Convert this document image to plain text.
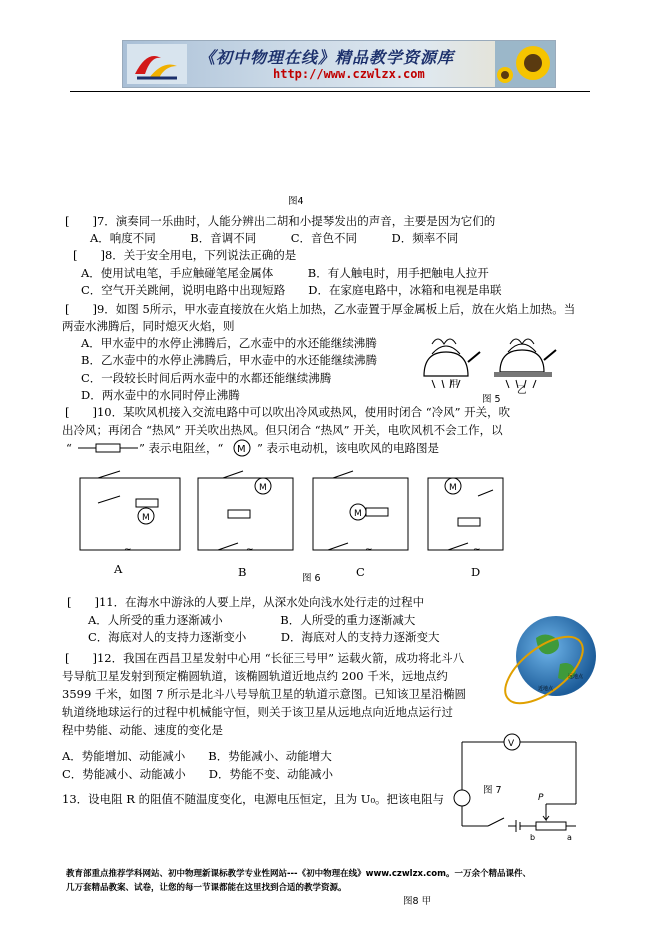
《初中物理在线》精品教学资源库
http://www.czwlzx.com
图4
[　　]7．演奏同一乐曲时，人能分辨出二胡和小提琴发出的声音，主要是因为它们的
A．响度不同　　　B．音调不同　　　C．音色不同　　　D．频率不同
[　　]8．关于安全用电，下列说法正确的是
A．使用试电笔，手应触碰笔尾金属体　　　B．有人触电时，用手把触电人拉开
C．空气开关跳闸，说明电路中出现短路　　D．在家庭电路中，冰箱和电视是串联
[　　]9．如图 5所示，甲水壶直接放在火焰上加热，乙水壶置于厚金属板上后，放在火焰上加热。当
两壶水沸腾后，同时熄灭火焰，则
A．甲水壶中的水停止沸腾后，乙水壶中的水还能继续沸腾
B．乙水壶中的水停止沸腾后，甲水壶中的水还能继续沸腾
C．一段较长时间后两水壶中的水都还能继续沸腾
D．两水壶中的水同时停止沸腾
甲
乙
图 5
[　　]10．某吹风机接入交流电路中可以吹出冷风或热风，使用时闭合 “冷风” 开关，吹
出冷风；再闭合 “热风” 开关吹出热风。但只闭合 “热风” 开关，电吹风机不会工作，以
“	” 表示电阻丝，“ M ” 表示电动机，该电吹风的电路图是
M
M
M
M
~	~	~	~
A	B	图 6	C	D
[　　]11．在海水中游泳的人要上岸，从深水处向浅水处行走的过程中
A．人所受的重力逐渐减小　　　　　B．人所受的重力逐渐减大
C．海底对人的支持力逐渐变小　　　D．海底对人的支持力逐渐变大
近地点
远地点
[　　]12．我国在西昌卫星发射中心用 “长征三号甲” 运载火箭，成功将北斗八
号导航卫星发射到预定椭圆轨道，该椭圆轨道近地点约 200 千米，远地点约
3599 千米，如图 7 所示是北斗八号导航卫星的轨道示意图。已知该卫星沿椭圆
轨道绕地球运行的过程中机械能守恒，则关于该卫星从远地点向近地点运行过
程中势能、动能、速度的变化是
A．势能增加、动能减小　　B．势能减小、动能增大
C．势能减小、动能减小　　D．势能不变、动能减小
13．设电阻 R 的阻值不随温度变化，电源电压恒定，且为 U₀。把该电阻与
V
P
b	a
图 7
教育部重点推荐学科网站、初中物理新课标教学专业性网站---《初中物理在线》www.czwlzx.com。一万余个精品课件、
几万套精品教案、试卷，让您的每一节课都能在这里找到合适的教学资源。
图8 甲
